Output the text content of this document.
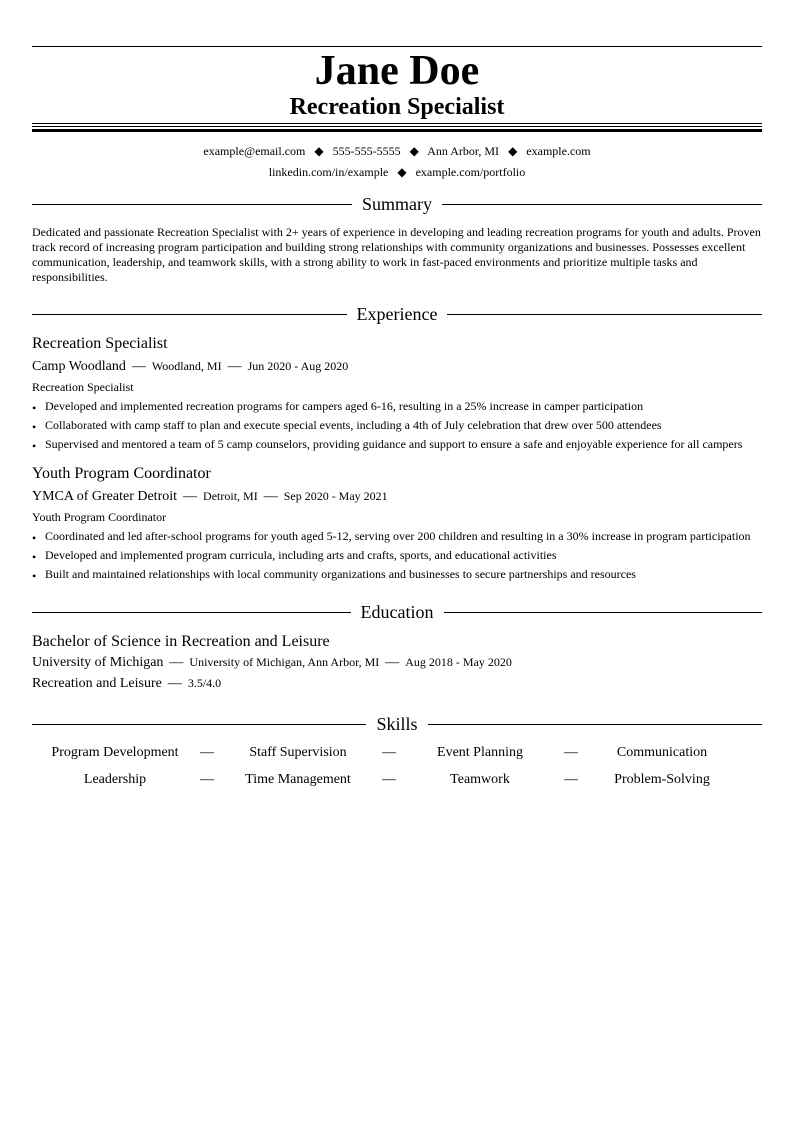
Jane Doe
Recreation Specialist
example@email.com ◆ 555-555-5555 ◆ Ann Arbor, MI ◆ example.com
linkedin.com/in/example ◆ example.com/portfolio
Summary
Dedicated and passionate Recreation Specialist with 2+ years of experience in developing and leading recreation programs for youth and adults. Proven track record of increasing program participation and building strong relationships with community organizations and businesses. Possesses excellent communication, leadership, and teamwork skills, with a strong ability to work in fast-paced environments and prioritize multiple tasks and responsibilities.
Experience
Recreation Specialist
Camp Woodland — Woodland, MI — Jun 2020 - Aug 2020
Recreation Specialist
• Developed and implemented recreation programs for campers aged 6-16, resulting in a 25% increase in camper participation
• Collaborated with camp staff to plan and execute special events, including a 4th of July celebration that drew over 500 attendees
• Supervised and mentored a team of 5 camp counselors, providing guidance and support to ensure a safe and enjoyable experience for all campers
Youth Program Coordinator
YMCA of Greater Detroit — Detroit, MI — Sep 2020 - May 2021
Youth Program Coordinator
• Coordinated and led after-school programs for youth aged 5-12, serving over 200 children and resulting in a 30% increase in program participation
• Developed and implemented program curricula, including arts and crafts, sports, and educational activities
• Built and maintained relationships with local community organizations and businesses to secure partnerships and resources
Education
Bachelor of Science in Recreation and Leisure
University of Michigan — University of Michigan, Ann Arbor, MI — Aug 2018 - May 2020
Recreation and Leisure — 3.5/4.0
Skills
Program Development	—	Staff Supervision	—	Event Planning	—	Communication
Leadership	—	Time Management	—	Teamwork	—	Problem-Solving
